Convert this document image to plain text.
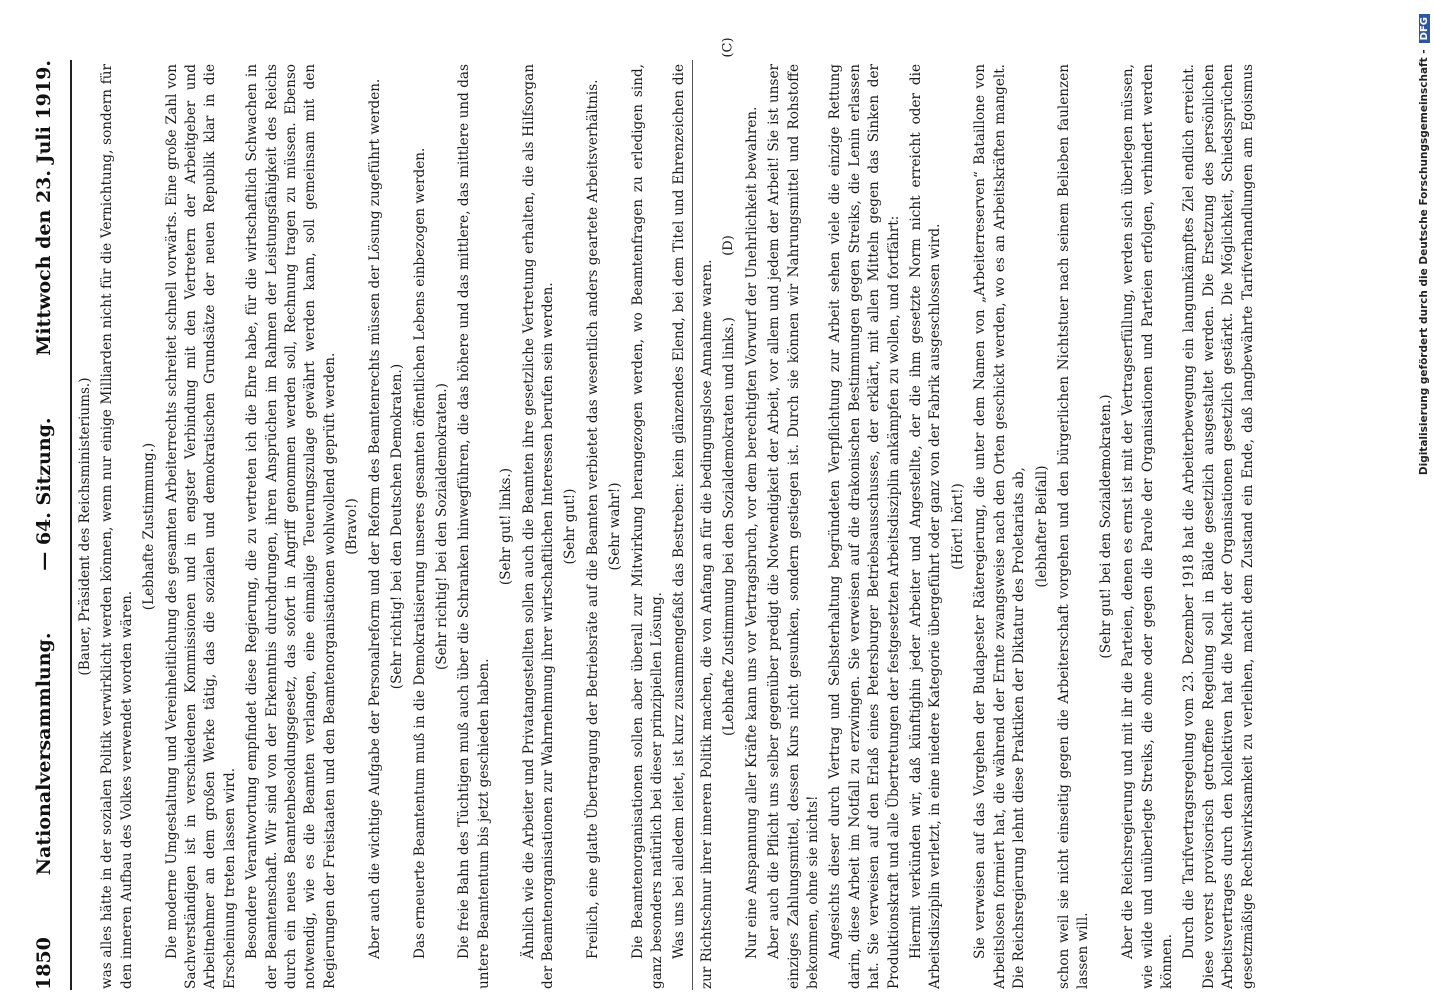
1850
Nationalversammlung.
— 64. Sitzung.
Mittwoch den 23. Juli 1919.

(Bauer, Präsident des Reichsministeriums.) was alles hätte in der sozialen Politik verwirklicht werden können, wenn nur einige Milliarden nicht für die Vernichtung, sondern für den inneren Aufbau des Volkes verwendet worden wären.

(Lebhafte Zustimmung.) Die moderne Umgestaltung und Vereinheitlichung des gesamten Arbeiterrechts schreitet schnell vorwärts. Eine große Zahl von Sachverständigen ist in verschiedenen Kommissionen und in engster Verbindung mit den Vertretern der Arbeitgeber und Arbeitnehmer an dem großen Werke tätig, das die sozialen und demokratischen Grundsätze der neuen Republik klar in die Erscheinung treten lassen wird. Besondere Verantwortung empfindet diese Regierung, die zu vertreten ich die Ehre habe, für die wirtschaftlich Schwachen in der Beamtenschaft. Wir sind von der Erkenntnis durchdrungen, ihren Ansprüchen im Rahmen der Leistungsfähigkeit des Reichs durch ein neues Beamtenbesoldungsgesetz, das sofort in Angriff genommen werden soll, Rechnung tragen zu müssen. Ebenso notwendig, wie es die Beamten verlangen, eine einmalige Teuerungszulage gewährt werden kann, soll gemeinsam mit den Regierungen der Freistaaten und den Beamtenorganisationen wohlwollend geprüft werden. (Bravo!) Aber auch die wichtige Aufgabe der Personalreform und der Reform des Beamtenrechts müssen der Lösung zugeführt werden. (Sehr richtig! bei den Deutschen Demokraten.) Das erneuerte Beamtentum muß in die Demokratisierung unseres gesamten öffentlichen Lebens einbezogen werden. (Sehr richtig! bei den Sozialdemokraten.) Die freie Bahn des Tüchtigen muß auch über die Schranken hinwegführen, die das höhere und das mittlere, das mittlere und das untere Beamtentum bis jetzt geschieden haben.

(Sehr gut! links.) Ähnlich wie die Arbeiter und Privatangestellten sollen auch die Beamten ihre gesetzliche Vertretung erhalten, die als Hilfsorgan der Beamtenorganisationen zur Wahrnehmung ihrer wirtschaftlichen Interessen berufen sein werden. (Sehr gut!) Freilich, eine glatte Übertragung der Betriebsräte auf die Beamten verbietet das wesentlich anders geartete Arbeitsverhältnis. (Sehr wahr!) Die Beamtenorganisationen sollen aber überall zur Mitwirkung herangezogen werden, wo Beamtenfragen zu erledigen sind, ganz besonders natürlich bei dieser prinzipiellen Lösung. Was uns bei alledem leitet, ist kurz zusammengefaßt das Bestreben: kein glänzendes Elend, bei dem Titel und Ehrenzeichen die

zur Richtschnur ihrer inneren Politik machen, die von Anfang an für die bedingungslose Annahme waren. (Lebhafte Zustimmung bei den Sozialdemokraten und links.) Nur eine Anspannung aller Kräfte kann uns vor Vertragsbruch, vor dem berechtigten Vorwurf der Unehrlichkeit bewahren. Aber auch die Pflicht uns selber gegenüber predigt die Notwendigkeit der Arbeit, vor allem und jedem der Arbeit! Sie ist unser einziges Zahlungsmittel, dessen Kurs nicht gesunken, sondern gestiegen ist. Durch sie können wir Nahrungsmittel und Rohstoffe bekommen, ohne sie nichts! Angesichts dieser durch Vertrag und Selbsterhaltung begründeten Verpflichtung zur Arbeit sehen viele die einzige Rettung darin, diese Arbeit im Notfall zu erzwingen. Sie verweisen auf die drakonischen Bestimmungen gegen Streiks, die Lenin erlassen hat. Sie verweisen auf den Erlaß eines Petersburger Betriebsausschusses, der erklärt, mit allen Mitteln gegen das Sinken der Produktionskraft und alle Übertretungen der festgesetzten Arbeitsdisziplin ankämpfen zu wollen, und fortfährt: Hiermit verkünden wir, daß künftighin jeder Arbeiter und Angestellte, der die ihm gesetzte Norm nicht erreicht oder die Arbeitsdisziplin verletzt, in eine niedere Kategorie übergeführt oder ganz von der Fabrik ausgeschlossen wird. (Hört! hört!) Sie verweisen auf das Vorgehen der Budapester Räteregierung, die unter dem Namen von „Arbeiterreserven“ Bataillone von Arbeitslosen formiert hat, die während der Ernte zwangsweise nach den Orten geschickt werden, wo es an Arbeitskräften mangelt. Die Reichsregierung lehnt diese Praktiken der Diktatur des Proletariats ab, (lebhafter Beifall) schon weil sie nicht einseitig gegen die Arbeiterschaft vorgehen und den bürgerlichen Nichtstuer nach seinem Belieben faulenzen lassen will.

(Sehr gut! bei den Sozialdemokraten.) Aber die Reichsregierung und mit ihr die Parteien, denen es ernst ist mit der Vertragserfüllung, werden sich überlegen müssen, wie wilde und unüberlegte Streiks, die ohne oder gegen die Parole der Organisationen und Parteien erfolgen, verhindert werden können. Durch die Tarifvertragsregelung vom 23. Dezember 1918 hat die Arbeiterbewegung ein langumkämpftes Ziel endlich erreicht. Diese vorerst provisorisch getroffene Regelung soll in Bälde gesetzlich ausgestaltet werden. Die Ersetzung des persönlichen Arbeitsvertrages durch den kollektiven hat die Macht der Organisationen gesetzlich gestärkt. Die Möglichkeit, Schiedssprüchen gesetzmäßige Rechtswirksamkeit zu verleihen, macht dem Zustand ein Ende, daß langbewährte Tarifverhandlungen am Egoismus

(C)
(D)	Digitalisierung gefördert durch die Deutsche Forschungsgemeinschaft -
DFG
